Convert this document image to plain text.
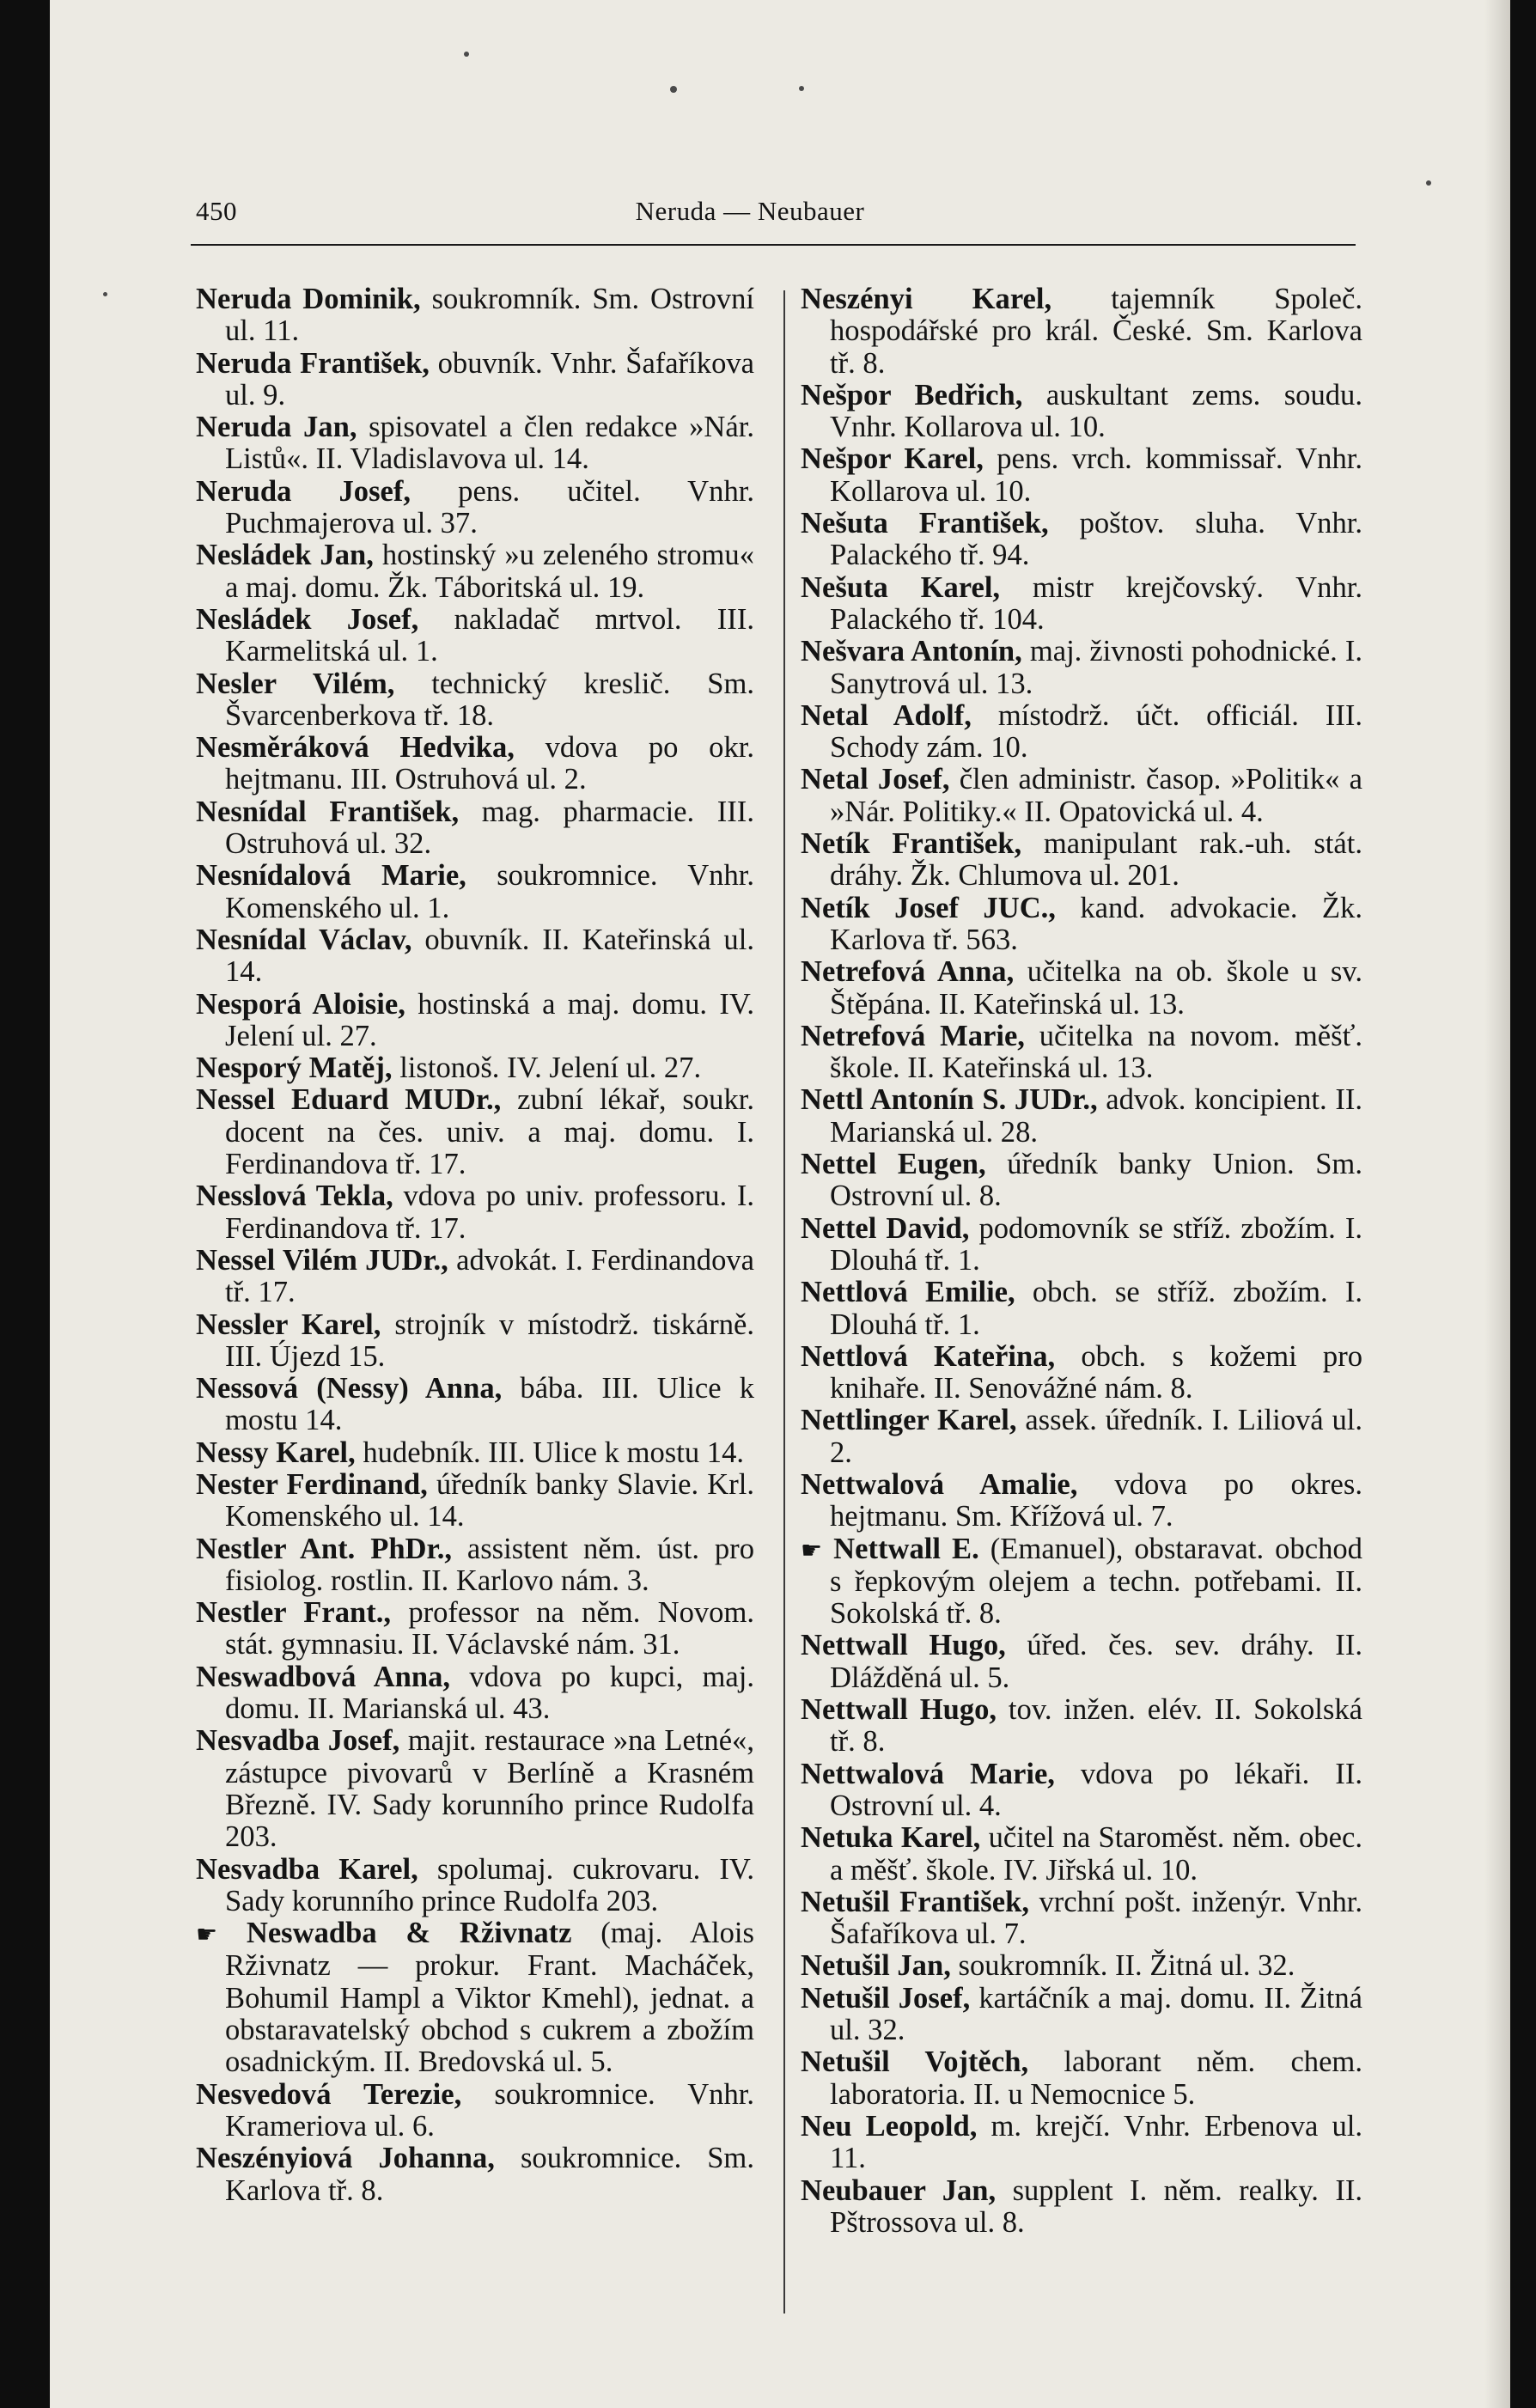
450	Neruda — Neubauer
Neruda Dominik, soukromník. Sm. Ostrovní ul. 11.
Neruda František, obuvník. Vnhr. Šafaříkova ul. 9.
Neruda Jan, spisovatel a člen redakce »Nár. Listů«. II. Vladislavova ul. 14.
Neruda Josef, pens. učitel. Vnhr. Puchmajerova ul. 37.
Nesládek Jan, hostinský »u zeleného stromu« a maj. domu. Žk. Táboritská ul. 19.
Nesládek Josef, nakladač mrtvol. III. Karmelitská ul. 1.
Nesler Vilém, technický kreslič. Sm. Švarcenberkova tř. 18.
Nesměráková Hedvika, vdova po okr. hejtmanu. III. Ostruhová ul. 2.
Nesnídal František, mag. pharmacie. III. Ostruhová ul. 32.
Nesnídalová Marie, soukromnice. Vnhr. Komenského ul. 1.
Nesnídal Václav, obuvník. II. Kateřinská ul. 14.
Nesporá Aloisie, hostinská a maj. domu. IV. Jelení ul. 27.
Nesporý Matěj, listonoš. IV. Jelení ul. 27.
Nessel Eduard MUDr., zubní lékař, soukr. docent na čes. univ. a maj. domu. I. Ferdinandova tř. 17.
Nesslová Tekla, vdova po univ. professoru. I. Ferdinandova tř. 17.
Nessel Vilém JUDr., advokát. I. Ferdinandova tř. 17.
Nessler Karel, strojník v místodrž. tiskárně. III. Újezd 15.
Nessová (Nessy) Anna, bába. III. Ulice k mostu 14.
Nessy Karel, hudebník. III. Ulice k mostu 14.
Nester Ferdinand, úředník banky Slavie. Krl. Komenského ul. 14.
Nestler Ant. PhDr., assistent něm. úst. pro fisiolog. rostlin. II. Karlovo nám. 3.
Nestler Frant., professor na něm. Novom. stát. gymnasiu. II. Václavské nám. 31.
Neswadbová Anna, vdova po kupci, maj. domu. II. Marianská ul. 43.
Nesvadba Josef, majit. restaurace »na Letné«, zástupce pivovarů v Berlíně a Krasném Březně. IV. Sady korunního prince Rudolfa 203.
Nesvadba Karel, spolumaj. cukrovaru. IV. Sady korunního prince Rudolfa 203.
☛ Neswadba & Rživnatz (maj. Alois Rživnatz — prokur. Frant. Macháček, Bohumil Hampl a Viktor Kmehl), jednat. a obstaravatelský obchod s cukrem a zbožím osadnickým. II. Bredovská ul. 5.
Nesvedová Terezie, soukromnice. Vnhr. Krameriova ul. 6.
Neszényiová Johanna, soukromnice. Sm. Karlova tř. 8.
Neszényi Karel, tajemník Společ. hospodářské pro král. České. Sm. Karlova tř. 8.
Nešpor Bedřich, auskultant zems. soudu. Vnhr. Kollarova ul. 10.
Nešpor Karel, pens. vrch. kommissař. Vnhr. Kollarova ul. 10.
Nešuta František, poštov. sluha. Vnhr. Palackého tř. 94.
Nešuta Karel, mistr krejčovský. Vnhr. Palackého tř. 104.
Nešvara Antonín, maj. živnosti pohodnické. I. Sanytrová ul. 13.
Netal Adolf, místodrž. účt. officiál. III. Schody zám. 10.
Netal Josef, člen administr. časop. »Politik« a »Nár. Politiky.« II. Opatovická ul. 4.
Netík František, manipulant rak.-uh. stát. dráhy. Žk. Chlumova ul. 201.
Netík Josef JUC., kand. advokacie. Žk. Karlova tř. 563.
Netrefová Anna, učitelka na ob. škole u sv. Štěpána. II. Kateřinská ul. 13.
Netrefová Marie, učitelka na novom. měšť. škole. II. Kateřinská ul. 13.
Nettl Antonín S. JUDr., advok. koncipient. II. Marianská ul. 28.
Nettel Eugen, úředník banky Union. Sm. Ostrovní ul. 8.
Nettel David, podomovník se stříž. zbožím. I. Dlouhá tř. 1.
Nettlová Emilie, obch. se stříž. zbožím. I. Dlouhá tř. 1.
Nettlová Kateřina, obch. s kožemi pro knihaře. II. Senovážné nám. 8.
Nettlinger Karel, assek. úředník. I. Liliová ul. 2.
Nettwalová Amalie, vdova po okres. hejtmanu. Sm. Křížová ul. 7.
☛ Nettwall E. (Emanuel), obstaravat. obchod s řepkovým olejem a techn. potřebami. II. Sokolská tř. 8.
Nettwall Hugo, úřed. čes. sev. dráhy. II. Dlážděná ul. 5.
Nettwall Hugo, tov. inžen. elév. II. Sokolská tř. 8.
Nettwalová Marie, vdova po lékaři. II. Ostrovní ul. 4.
Netuka Karel, učitel na Staroměst. něm. obec. a měšť. škole. IV. Jiřská ul. 10.
Netušil František, vrchní pošt. inženýr. Vnhr. Šafaříkova ul. 7.
Netušil Jan, soukromník. II. Žitná ul. 32.
Netušil Josef, kartáčník a maj. domu. II. Žitná ul. 32.
Netušil Vojtěch, laborant něm. chem. laboratoria. II. u Nemocnice 5.
Neu Leopold, m. krejčí. Vnhr. Erbenova ul. 11.
Neubauer Jan, supplent I. něm. realky. II. Pštrossova ul. 8.
